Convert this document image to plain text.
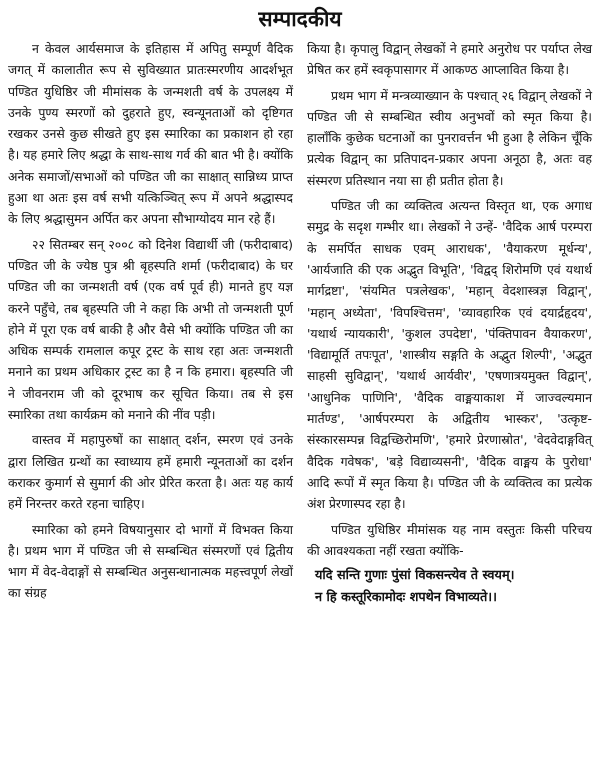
सम्पादकीय

न केवल आर्यसमाज के इतिहास में अपितु सम्पूर्ण वैदिक जगत् में कालातीत रूप से सुविख्यात प्रातःस्मरणीय आदर्शभूत पण्डित युधिष्ठिर जी मीमांसक के जन्मशती वर्ष के उपलक्ष्य में उनके पुण्य स्मरणों को दुहराते हुए, स्वन्यूनताओं को दृष्टिगत रखकर उनसे कुछ सीखते हुए इस स्मारिका का प्रकाशन हो रहा है। यह हमारे लिए श्रद्धा के साथ-साथ गर्व की बात भी है। क्योंकि अनेक समाजों/सभाओं को पण्डित जी का साक्षात् सान्निध्य प्राप्त हुआ था अतः इस वर्ष सभी यत्किञ्चित् रूप में अपने श्रद्धास्पद के लिए श्रद्धासुमन अर्पित कर अपना सौभाग्योदय मान रहे हैं।

२२ सितम्बर सन् २००८ को दिनेश विद्यार्थी जी (फरीदाबाद) पण्डित जी के ज्येष्ठ पुत्र श्री बृहस्पति शर्मा (फरीदाबाद) के घर पण्डित जी का जन्मशती वर्ष (एक वर्ष पूर्व ही) मानते हुए यज्ञ करने पहुँचे, तब बृहस्पति जी ने कहा कि अभी तो जन्मशती पूर्ण होने में पूरा एक वर्ष बाकी है और वैसे भी क्योंकि पण्डित जी का अधिक सम्पर्क रामलाल कपूर ट्रस्ट के साथ रहा अतः जन्मशती मनाने का प्रथम अधिकार ट्रस्ट का है न कि हमारा। बृहस्पति जी ने जीवनराम जी को दूरभाष कर सूचित किया। तब से इस स्मारिका तथा कार्यक्रम को मनाने की नींव पड़ी।

वास्तव में महापुरुषों का साक्षात् दर्शन, स्मरण एवं उनके द्वारा लिखित ग्रन्थों का स्वाध्याय हमें हमारी न्यूनताओं का दर्शन कराकर कुमार्ग से सुमार्ग की ओर प्रेरित करता है। अतः यह कार्य हमें निरन्तर करते रहना चाहिए।

स्मारिका को हमने विषयानुसार दो भागों में विभक्त किया है। प्रथम भाग में पण्डित जी से सम्बन्धित संस्मरणों एवं द्वितीय भाग में वेद-वेदाङ्गों से सम्बन्धित अनुसन्धानात्मक महत्त्वपूर्ण लेखों का संग्रह

किया है। कृपालु विद्वान् लेखकों ने हमारे अनुरोध पर पर्याप्त लेख प्रेषित कर हमें स्वकृपासागर में आकण्ठ आप्लावित किया है।

प्रथम भाग में मन्त्रव्याख्यान के पश्चात् २६ विद्वान् लेखकों ने पण्डित जी से सम्बन्धित स्वीय अनुभवों को स्मृत किया है। हालाँकि कुछेक घटनाओं का पुनरावर्त्तन भी हुआ है लेकिन चूँकि प्रत्येक विद्वान् का प्रतिपादन-प्रकार अपना अनूठा है, अतः वह संस्मरण प्रतिस्थान नया सा ही प्रतीत होता है।

पण्डित जी का व्यक्तित्व अत्यन्त विस्तृत था, एक अगाध समुद्र के सदृश गम्भीर था। लेखकों ने उन्हें- 'वैदिक आर्ष परम्परा के समर्पित साधक एवम् आराधक', 'वैयाकरण मूर्धन्य', 'आर्यजाति की एक अद्भुत विभूति', 'विद्वद् शिरोमणि एवं यथार्थ मार्गद्रष्टा', 'संयमित पत्रलेखक', 'महान् वेदशास्त्रज्ञ विद्वान्', 'महान् अध्येता', 'विपश्चित्तम', 'व्यावहारिक एवं दयार्द्रहृदय', 'यथार्थ न्यायकारी', 'कुशल उपदेष्टा', 'पंक्तिपावन वैयाकरण', 'विद्यामूर्ति तपःपूत', 'शास्त्रीय सङ्गति के अद्भुत शिल्पी', 'अद्भुत साहसी सुविद्वान्', 'यथार्थ आर्यवीर', 'एषणात्रयमुक्त विद्वान्', 'आधुनिक पाणिनि', 'वैदिक वाङ्मयाकाश में जाज्वल्यमान मार्तण्ड', 'आर्षपरम्परा के अद्वितीय भास्कर', 'उत्कृष्ट-संस्कारसम्पन्न विद्वच्छिरोमणि', 'हमारे प्रेरणास्रोत', 'वेदवेदाङ्गवित् वैदिक गवेषक', 'बड़े विद्याव्यसनी', 'वैदिक वाङ्मय के पुरोधा' आदि रूपों में स्मृत किया है। पण्डित जी के व्यक्तित्व का प्रत्येक अंश प्रेरणास्पद रहा है।

पण्डित युधिष्ठिर मीमांसक यह नाम वस्तुतः किसी परिचय की आवश्यकता नहीं रखता क्योंकि-

यदि सन्ति गुणाः पुंसां विकसन्त्येव ते स्वयम्।
न हि कस्तूरिकामोदः शपथेन विभाव्यते।।
